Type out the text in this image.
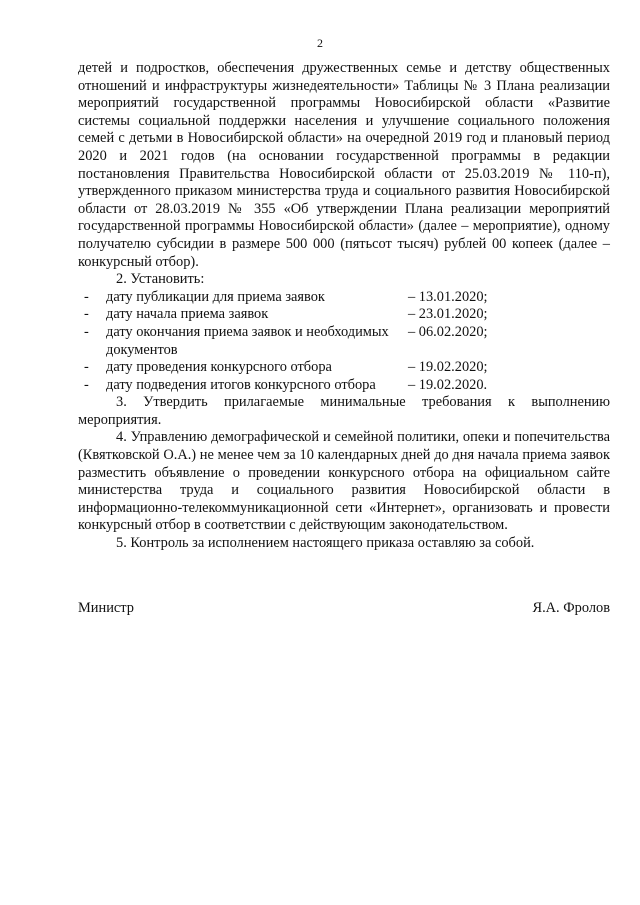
2

детей и подростков, обеспечения дружественных семье и детству общественных отношений и инфраструктуры жизнедеятельности» Таблицы № 3 Плана реализации мероприятий государственной программы Новосибирской области «Развитие системы социальной поддержки населения и улучшение социального положения семей с детьми в Новосибирской области» на очередной 2019 год и плановый период 2020 и 2021 годов (на основании государственной программы в редакции постановления Правительства Новосибирской области от 25.03.2019 № 110-п), утвержденного приказом министерства труда и социального развития Новосибирской области от 28.03.2019 № 355 «Об утверждении Плана реализации мероприятий государственной программы Новосибирской области» (далее – мероприятие), одному получателю субсидии в размере 500 000 (пятьсот тысяч) рублей 00 копеек (далее – конкурсный отбор).

2. Установить:

-	дату публикации для приема заявок	– 13.01.2020;
-	дату начала приема заявок	– 23.01.2020;
-	дату окончания приема заявок и необходимых документов
– 06.02.2020;
-	дату проведения конкурсного отбора	– 19.02.2020;
-	дату подведения итогов конкурсного отбора	– 19.02.2020.

3. Утвердить прилагаемые минимальные требования к выполнению мероприятия.

4. Управлению демографической и семейной политики, опеки и попечительства (Квятковской О.А.) не менее чем за 10 календарных дней до дня начала приема заявок разместить объявление о проведении конкурсного отбора на официальном сайте министерства труда и социального развития Новосибирской области в информационно-телекоммуникационной сети «Интернет», организовать и провести конкурсный отбор в соответствии с действующим законодательством.

5. Контроль за исполнением настоящего приказа оставляю за собой.

Министр	Я.А. Фролов
